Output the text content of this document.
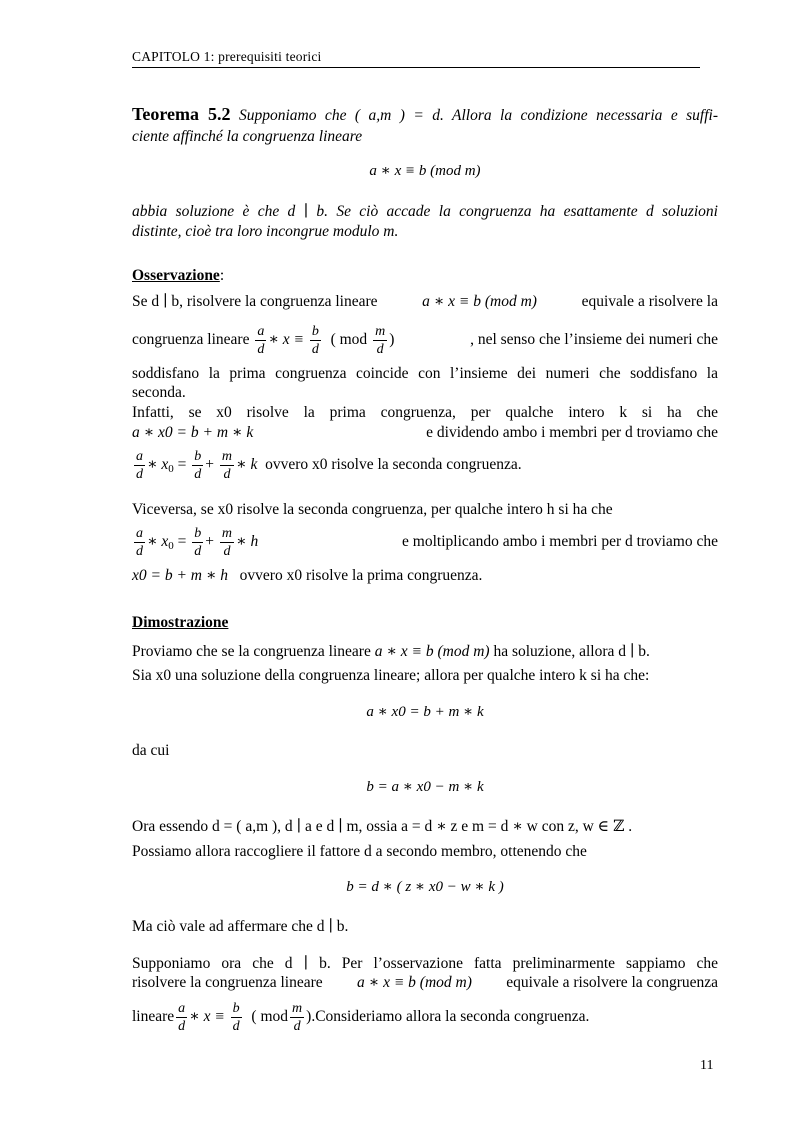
CAPITOLO 1: prerequisiti teorici
Teorema 5.2 Supponiamo che ( a,m ) = d. Allora la condizione necessaria e suffi-
ciente affinché la congruenza lineare
a ∗ x ≡ b (mod m)
abbia soluzione è che d ∣ b. Se ciò accade la congruenza ha esattamente d soluzioni
distinte, cioè tra loro incongrue modulo m.
Osservazione:
Se d ∣ b, risolvere la congruenza lineare	a ∗ x ≡ b (mod m)	equivale a risolvere la
congruenza lineare $\frac{a}{d}$ ∗ $x \equiv \frac{b}{d}$ ( mod $\frac{m}{d}$ )	, nel senso che l’insieme dei numeri che
soddisfano la prima congruenza coincide con l’insieme dei numeri che soddisfano la
seconda.
Infatti, se x0 risolve la prima congruenza, per qualche intero k si ha che
a ∗ x0 = b + m ∗ k	e dividendo ambo i membri per d troviamo che
$\frac{a}{d}$ ∗ $x_0 = \frac{b}{d} + \frac{m}{d}$ ∗ k ovvero x0 risolve la seconda congruenza.
Viceversa, se x0 risolve la seconda congruenza, per qualche intero h si ha che
$\frac{a}{d}$ ∗ $x_0 = \frac{b}{d} + \frac{m}{d}$ ∗ h	e moltiplicando ambo i membri per d troviamo che
x0 = b + m ∗ h ovvero x0 risolve la prima congruenza.
Dimostrazione
Proviamo che se la congruenza lineare a ∗ x ≡ b (mod m) ha soluzione, allora d ∣ b.
Sia x0 una soluzione della congruenza lineare; allora per qualche intero k si ha che:
a ∗ x0 = b + m ∗ k
da cui
b = a ∗ x0 − m ∗ k
Ora essendo d = ( a,m ), d ∣ a e d ∣ m, ossia a = d ∗ z e m = d ∗ w con z, w ∈ ℤ .
Possiamo allora raccogliere il fattore d a secondo membro, ottenendo che
b = d ∗ ( z ∗ x0 − w ∗ k )
Ma ciò vale ad affermare che d ∣ b.
Supponiamo ora che d ∣ b. Per l’osservazione fatta preliminarmente sappiamo che
risolvere la congruenza lineare a ∗ x ≡ b (mod m) equivale a risolvere la congruenza
lineare $\frac{a}{d}$ ∗ $x \equiv \frac{b}{d}$ ( mod $\frac{m}{d}$ ).Consideriamo allora la seconda congruenza.
11
